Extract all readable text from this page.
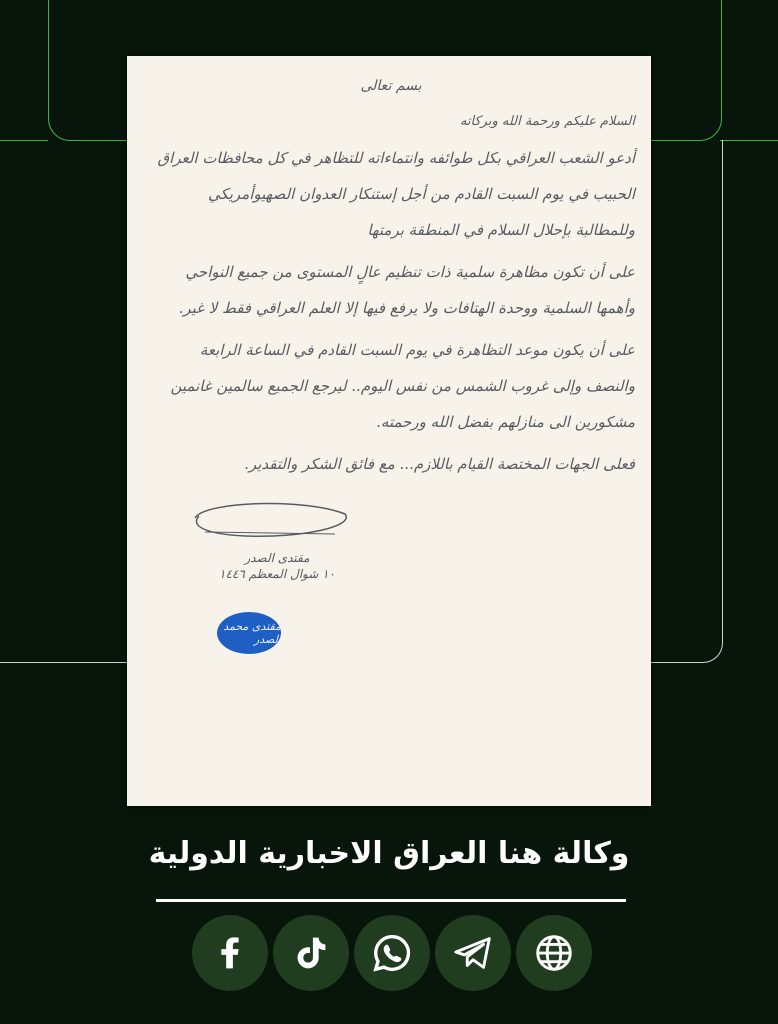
بسم تعالى
السلام عليكم ورحمة الله وبركاته

أدعو الشعب العراقي بكل طوائفه وانتماءاته للتظاهر في كل محافظات العراق الحبيب في يوم السبت القادم من أجل إستنكار العدوان الصهيوأمريكي وللمطالبة بإحلال السلام في المنطقة برمتها

على أن تكون مظاهرة سلمية ذات تنظيم عالٍ المستوى من جميع النواحي وأهمها السلمية ووحدة الهتافات ولا يرفع فيها إلا العلم العراقي فقط لا غير.

على أن يكون موعد التظاهرة في يوم السبت القادم في الساعة الرابعة والنصف وإلى غروب الشمس من نفس اليوم.. ليرجع الجميع سالمين غانمين مشكورين الى منازلهم بفضل الله ورحمته.

فعلى الجهات المختصة القيام باللازم... مع فائق الشكر والتقدير.

مقتدى الصدر
١٠ شوال المعظم ١٤٤٦
مقتدى محمد الصدر
وكالة هنا العراق الاخبارية الدولية
